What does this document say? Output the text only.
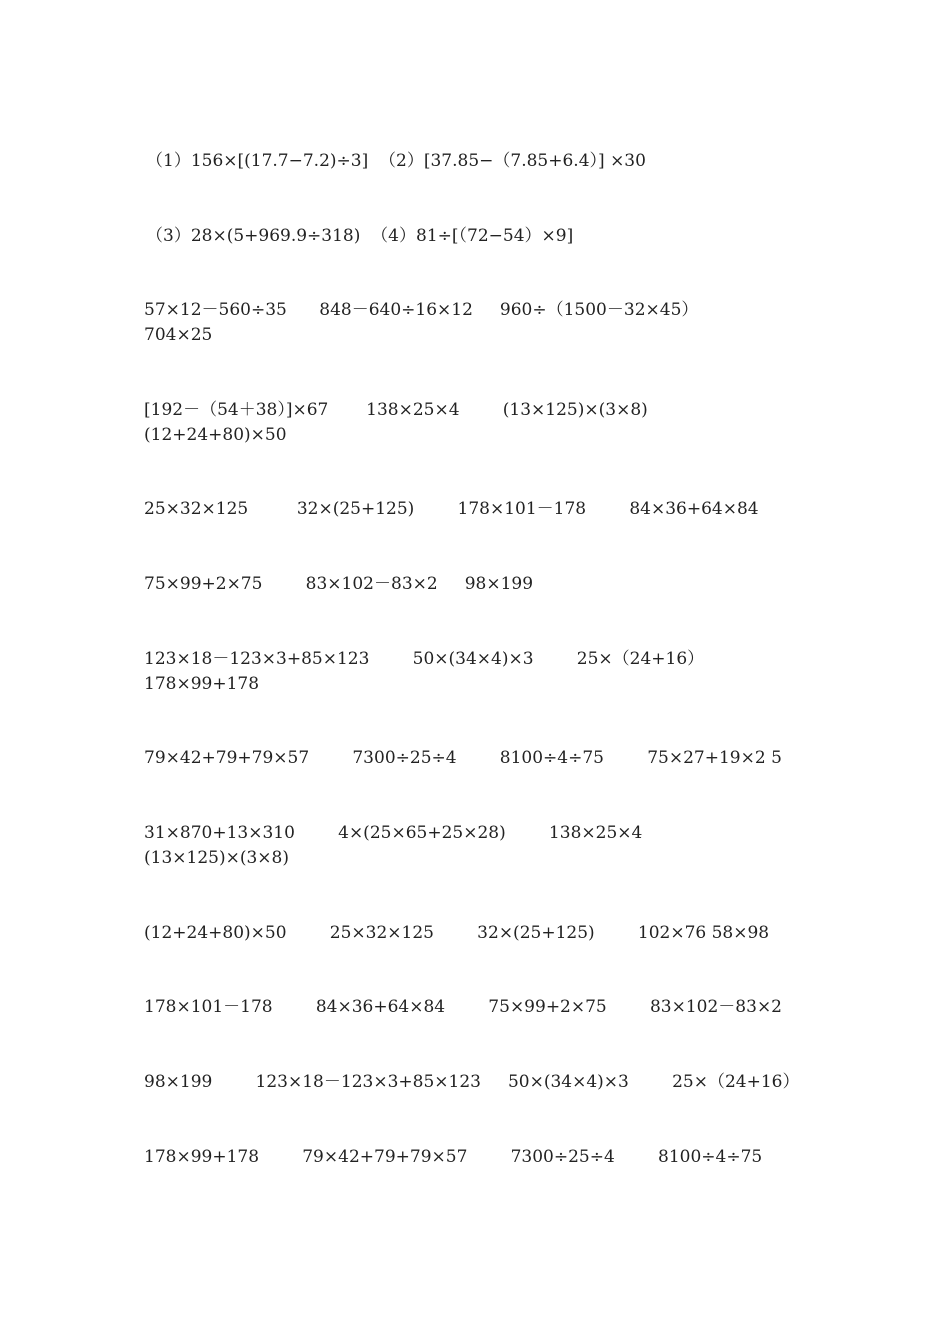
（1）156×[(17.7−7.2)÷3]  （2）[37.85−（7.85+6.4）] ×30
（3）28×(5+969.9÷318)  （4）81÷[（72−54）×9]
57×12－560÷35      848－640÷16×12     960÷（1500－32×45）
704×25
[192－（54＋38）]×67       138×25×4        (13×125)×(3×8)
(12+24+80)×50
25×32×125         32×(25+125)        178×101－178        84×36+64×84
75×99+2×75        83×102－83×2     98×199
123×18－123×3+85×123        50×(34×4)×3        25×（24+16）
178×99+178
79×42+79+79×57        7300÷25÷4        8100÷4÷75        75×27+19×2 5
31×870+13×310        4×(25×65+25×28)        138×25×4
(13×125)×(3×8)
(12+24+80)×50        25×32×125        32×(25+125)        102×76 58×98
178×101－178        84×36+64×84        75×99+2×75        83×102－83×2
98×199        123×18－123×3+85×123     50×(34×4)×3        25×（24+16）
178×99+178        79×42+79+79×57        7300÷25÷4        8100÷4÷75
